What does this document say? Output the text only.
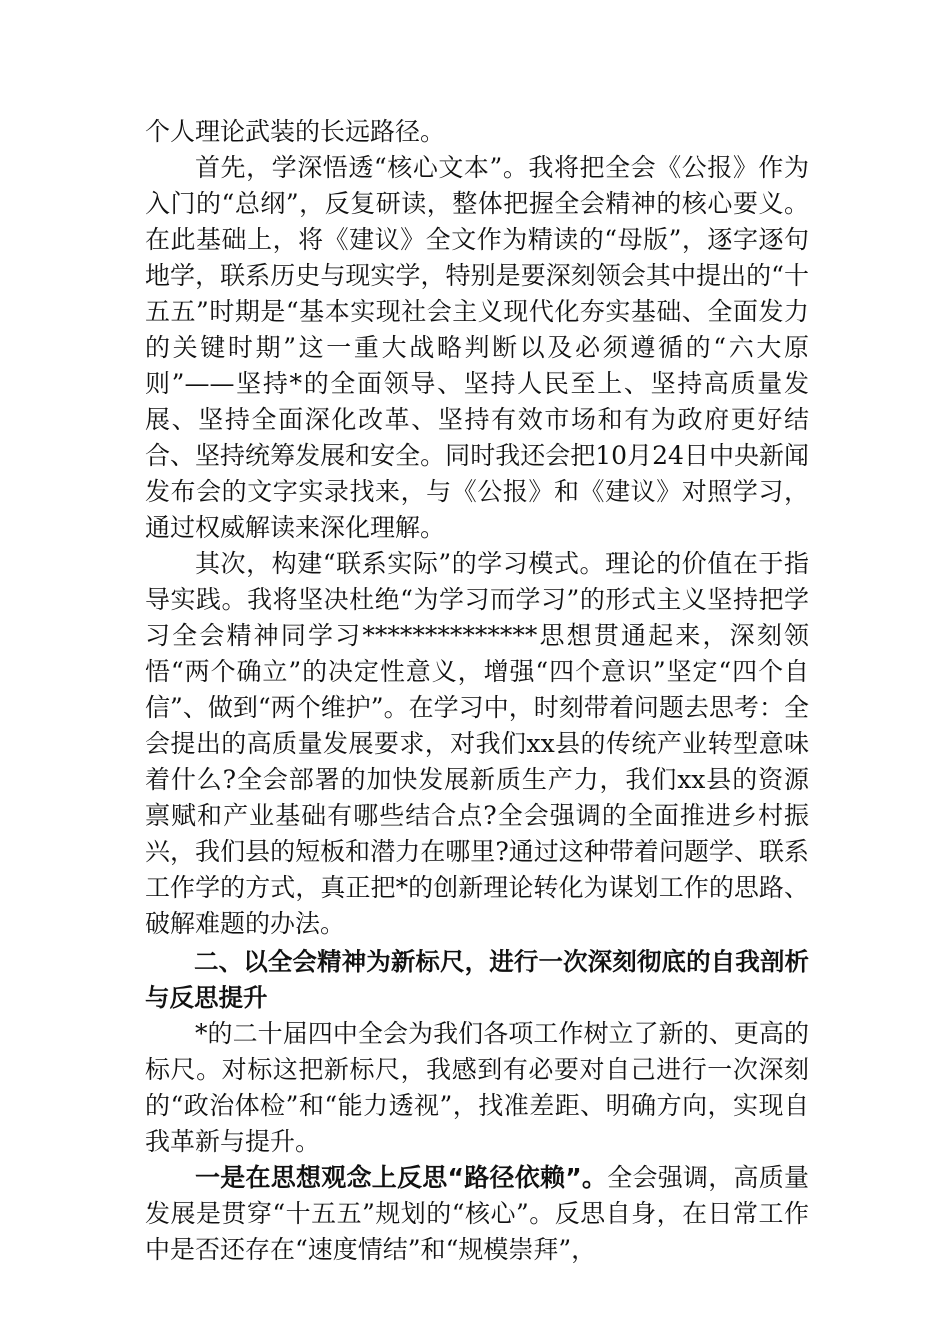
个人理论武装的长远路径。

首先，学深悟透“核心文本”。我将把全会《公报》作为入门的“总纲”，反复研读，整体把握全会精神的核心要义。在此基础上，将《建议》全文作为精读的“母版”，逐字逐句地学，联系历史与现实学，特别是要深刻领会其中提出的“十五五”时期是“基本实现社会主义现代化夯实基础、全面发力的关键时期”这一重大战略判断以及必须遵循的“六大原则”——坚持*的全面领导、坚持人民至上、坚持高质量发展、坚持全面深化改革、坚持有效市场和有为政府更好结合、坚持统筹发展和安全。同时我还会把10月24日中央新闻发布会的文字实录找来，与《公报》和《建议》对照学习，通过权威解读来深化理解。

其次，构建“联系实际”的学习模式。理论的价值在于指导实践。我将坚决杜绝“为学习而学习”的形式主义坚持把学习全会精神同学习**************思想贯通起来，深刻领悟“两个确立”的决定性意义，增强“四个意识”坚定“四个自信”、做到“两个维护”。在学习中，时刻带着问题去思考：全会提出的高质量发展要求，对我们xx县的传统产业转型意味着什么?全会部署的加快发展新质生产力，我们xx县的资源禀赋和产业基础有哪些结合点?全会强调的全面推进乡村振兴，我们县的短板和潜力在哪里?通过这种带着问题学、联系工作学的方式，真正把*的创新理论转化为谋划工作的思路、破解难题的办法。

二、以全会精神为新标尺，进行一次深刻彻底的自我剖析与反思提升

*的二十届四中全会为我们各项工作树立了新的、更高的标尺。对标这把新标尺，我感到有必要对自己进行一次深刻的“政治体检”和“能力透视”，找准差距、明确方向，实现自我革新与提升。

一是在思想观念上反思“路径依赖”。全会强调，高质量发展是贯穿“十五五”规划的“核心”。反思自身，在日常工作中是否还存在“速度情结”和“规模崇拜”，
